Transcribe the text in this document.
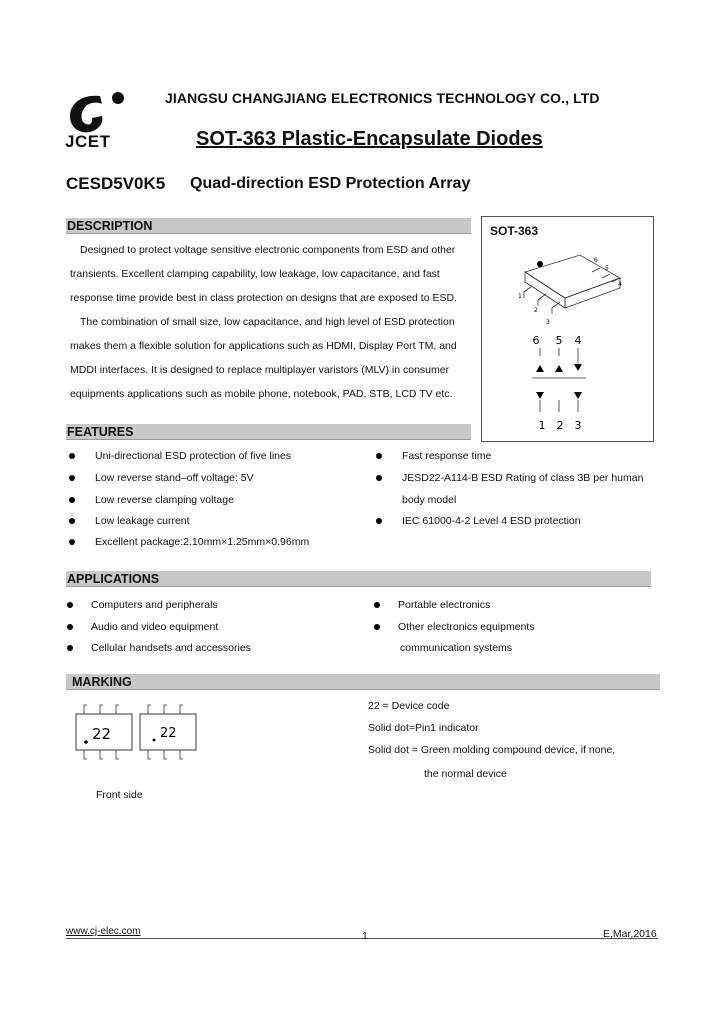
JCET
JIANGSU CHANGJIANG ELECTRONICS TECHNOLOGY CO., LTD
SOT-363 Plastic-Encapsulate Diodes
CESD5V0K5 Quad-direction ESD Protection Array
DESCRIPTION

Designed to protect voltage sensitive electronic components from ESD and other

transients. Excellent clamping capability, low leakage, low capacitance, and fast

response time provide best in class protection on designs that are exposed to ESD.

The combination of small size, low capacitance, and high level of ESD protection

makes them a flexible solution for applications such as HDMI, Display Port TM, and

MDDI interfaces. It is designed to replace multiplayer varistors (MLV) in consumer

equipments applications such as mobile phone, notebook, PAD, STB, LCD TV etc.

SOT-363
1
2
3
4
5
6
6 5 4
1 2 3
FEATURES
Uni-directional ESD protection of five lines
Low reverse stand–off voltage: 5V
Low reverse clamping voltage
Low leakage current
Excellent package:2.10mm×1.25mm×0.96mm
Fast response time
JESD22-A114-B ESD Rating of class 3B per human
body model
IEC 61000-4-2 Level 4 ESD protection
APPLICATIONS
Computers and peripherals
Audio and video equipment
Cellular handsets and accessories
Portable electronics
Other electronics equipments
communication systems
MARKING
22	22
Front side
22 = Device code
Solid dot=Pin1 indicator
Solid dot = Green molding compound device, if none,
the normal device
www.cj-elec.com	1	E,Mar,2016
